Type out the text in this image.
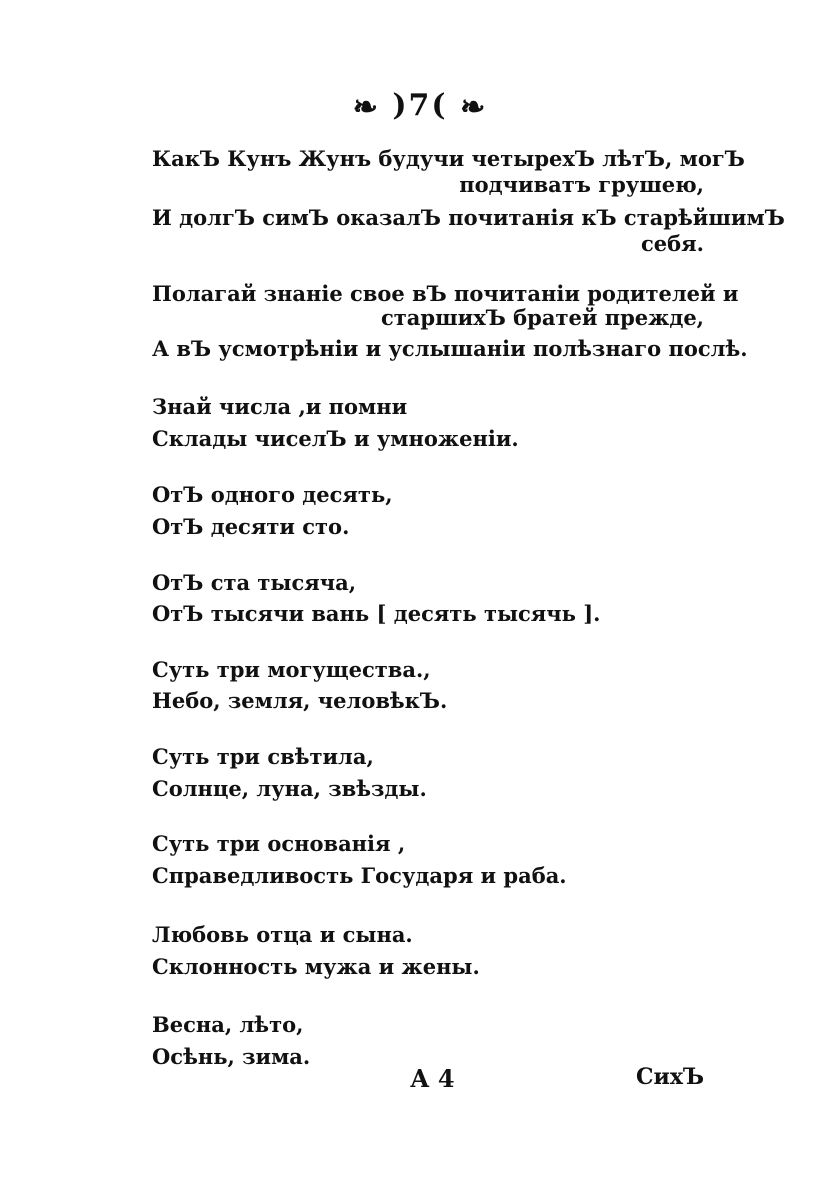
❧ )7( ❧
КакЪ Кунъ Жунъ будучи четырехЪ лѣтЪ, могЪ
подчиватъ грушею,
И долгЪ симЪ оказалЪ почитанія кЪ старѣйшимЪ
себя.
Полагай знаніе свое вЪ почитаніи родителей и
старшихЪ братей прежде,
А вЪ усмотрѣніи и услышаніи полѣзнаго послѣ.
Знай числа ,и помни
Склады чиселЪ и умноженіи.
ОтЪ одного десять,
ОтЪ десяти сто.
ОтЪ ста тысяча,
ОтЪ тысячи вань [ десять тысячь ].
Суть три могущества.,
Небо, земля, человѣкЪ.
Суть три свѣтила,
Солнце, луна, звѣзды.
Суть три основанія ,
Справедливость Государя и раба.
Любовь отца и сына.
Склонность мужа и жены.
Весна, лѣто,
Осѣнь, зима.
А 4	СихЪ
